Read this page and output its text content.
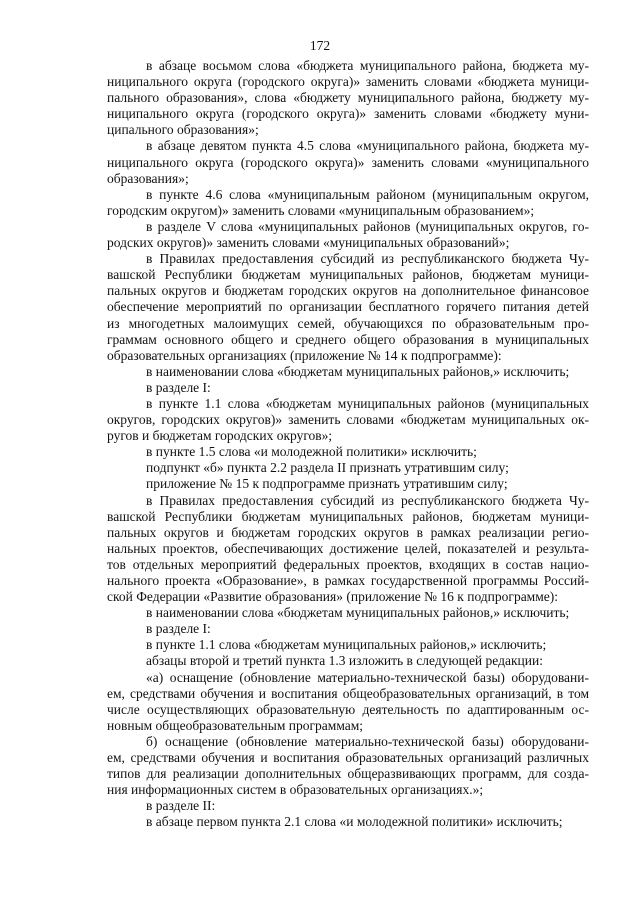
172
в абзаце восьмом слова «бюджета муниципального района, бюджета му-
ниципального округа (городского округа)» заменить словами «бюджета муници-
пального образования», слова «бюджету муниципального района, бюджету му-
ниципального округа (городского округа)» заменить словами «бюджету муни-
ципального образования»;
в абзаце девятом пункта 4.5 слова «муниципального района, бюджета му-
ниципального округа (городского округа)» заменить словами «муниципального
образования»;
в пункте 4.6 слова «муниципальным районом (муниципальным округом,
городским округом)» заменить словами «муниципальным образованием»;
в разделе V слова «муниципальных районов (муниципальных округов, го-
родских округов)» заменить словами «муниципальных образований»;
в Правилах предоставления субсидий из республиканского бюджета Чу-
вашской Республики бюджетам муниципальных районов, бюджетам муници-
пальных округов и бюджетам городских округов на дополнительное финансовое
обеспечение мероприятий по организации бесплатного горячего питания детей
из многодетных малоимущих семей, обучающихся по образовательным про-
граммам основного общего и среднего общего образования в муниципальных
образовательных организациях (приложение № 14 к подпрограмме):
в наименовании слова «бюджетам муниципальных районов,» исключить;
в разделе I:
в пункте 1.1 слова «бюджетам муниципальных районов (муниципальных
округов, городских округов)» заменить словами «бюджетам муниципальных ок-
ругов и бюджетам городских округов»;
в пункте 1.5 слова «и молодежной политики» исключить;
подпункт «б» пункта 2.2 раздела II признать утратившим силу;
приложение № 15 к подпрограмме признать утратившим силу;
в Правилах предоставления субсидий из республиканского бюджета Чу-
вашской Республики бюджетам муниципальных районов, бюджетам муници-
пальных округов и бюджетам городских округов в рамках реализации регио-
нальных проектов, обеспечивающих достижение целей, показателей и результа-
тов отдельных мероприятий федеральных проектов, входящих в состав нацио-
нального проекта «Образование», в рамках государственной программы Россий-
ской Федерации «Развитие образования» (приложение № 16 к подпрограмме):
в наименовании слова «бюджетам муниципальных районов,» исключить;
в разделе I:
в пункте 1.1 слова «бюджетам муниципальных районов,» исключить;
абзацы второй и третий пункта 1.3 изложить в следующей редакции:
«а) оснащение (обновление материально-технической базы) оборудовани-
ем, средствами обучения и воспитания общеобразовательных организаций, в том
числе осуществляющих образовательную деятельность по адаптированным ос-
новным общеобразовательным программам;
б) оснащение (обновление материально-технической базы) оборудовани-
ем, средствами обучения и воспитания образовательных организаций различных
типов для реализации дополнительных общеразвивающих программ, для созда-
ния информационных систем в образовательных организациях.»;
в разделе II:
в абзаце первом пункта 2.1 слова «и молодежной политики» исключить;
